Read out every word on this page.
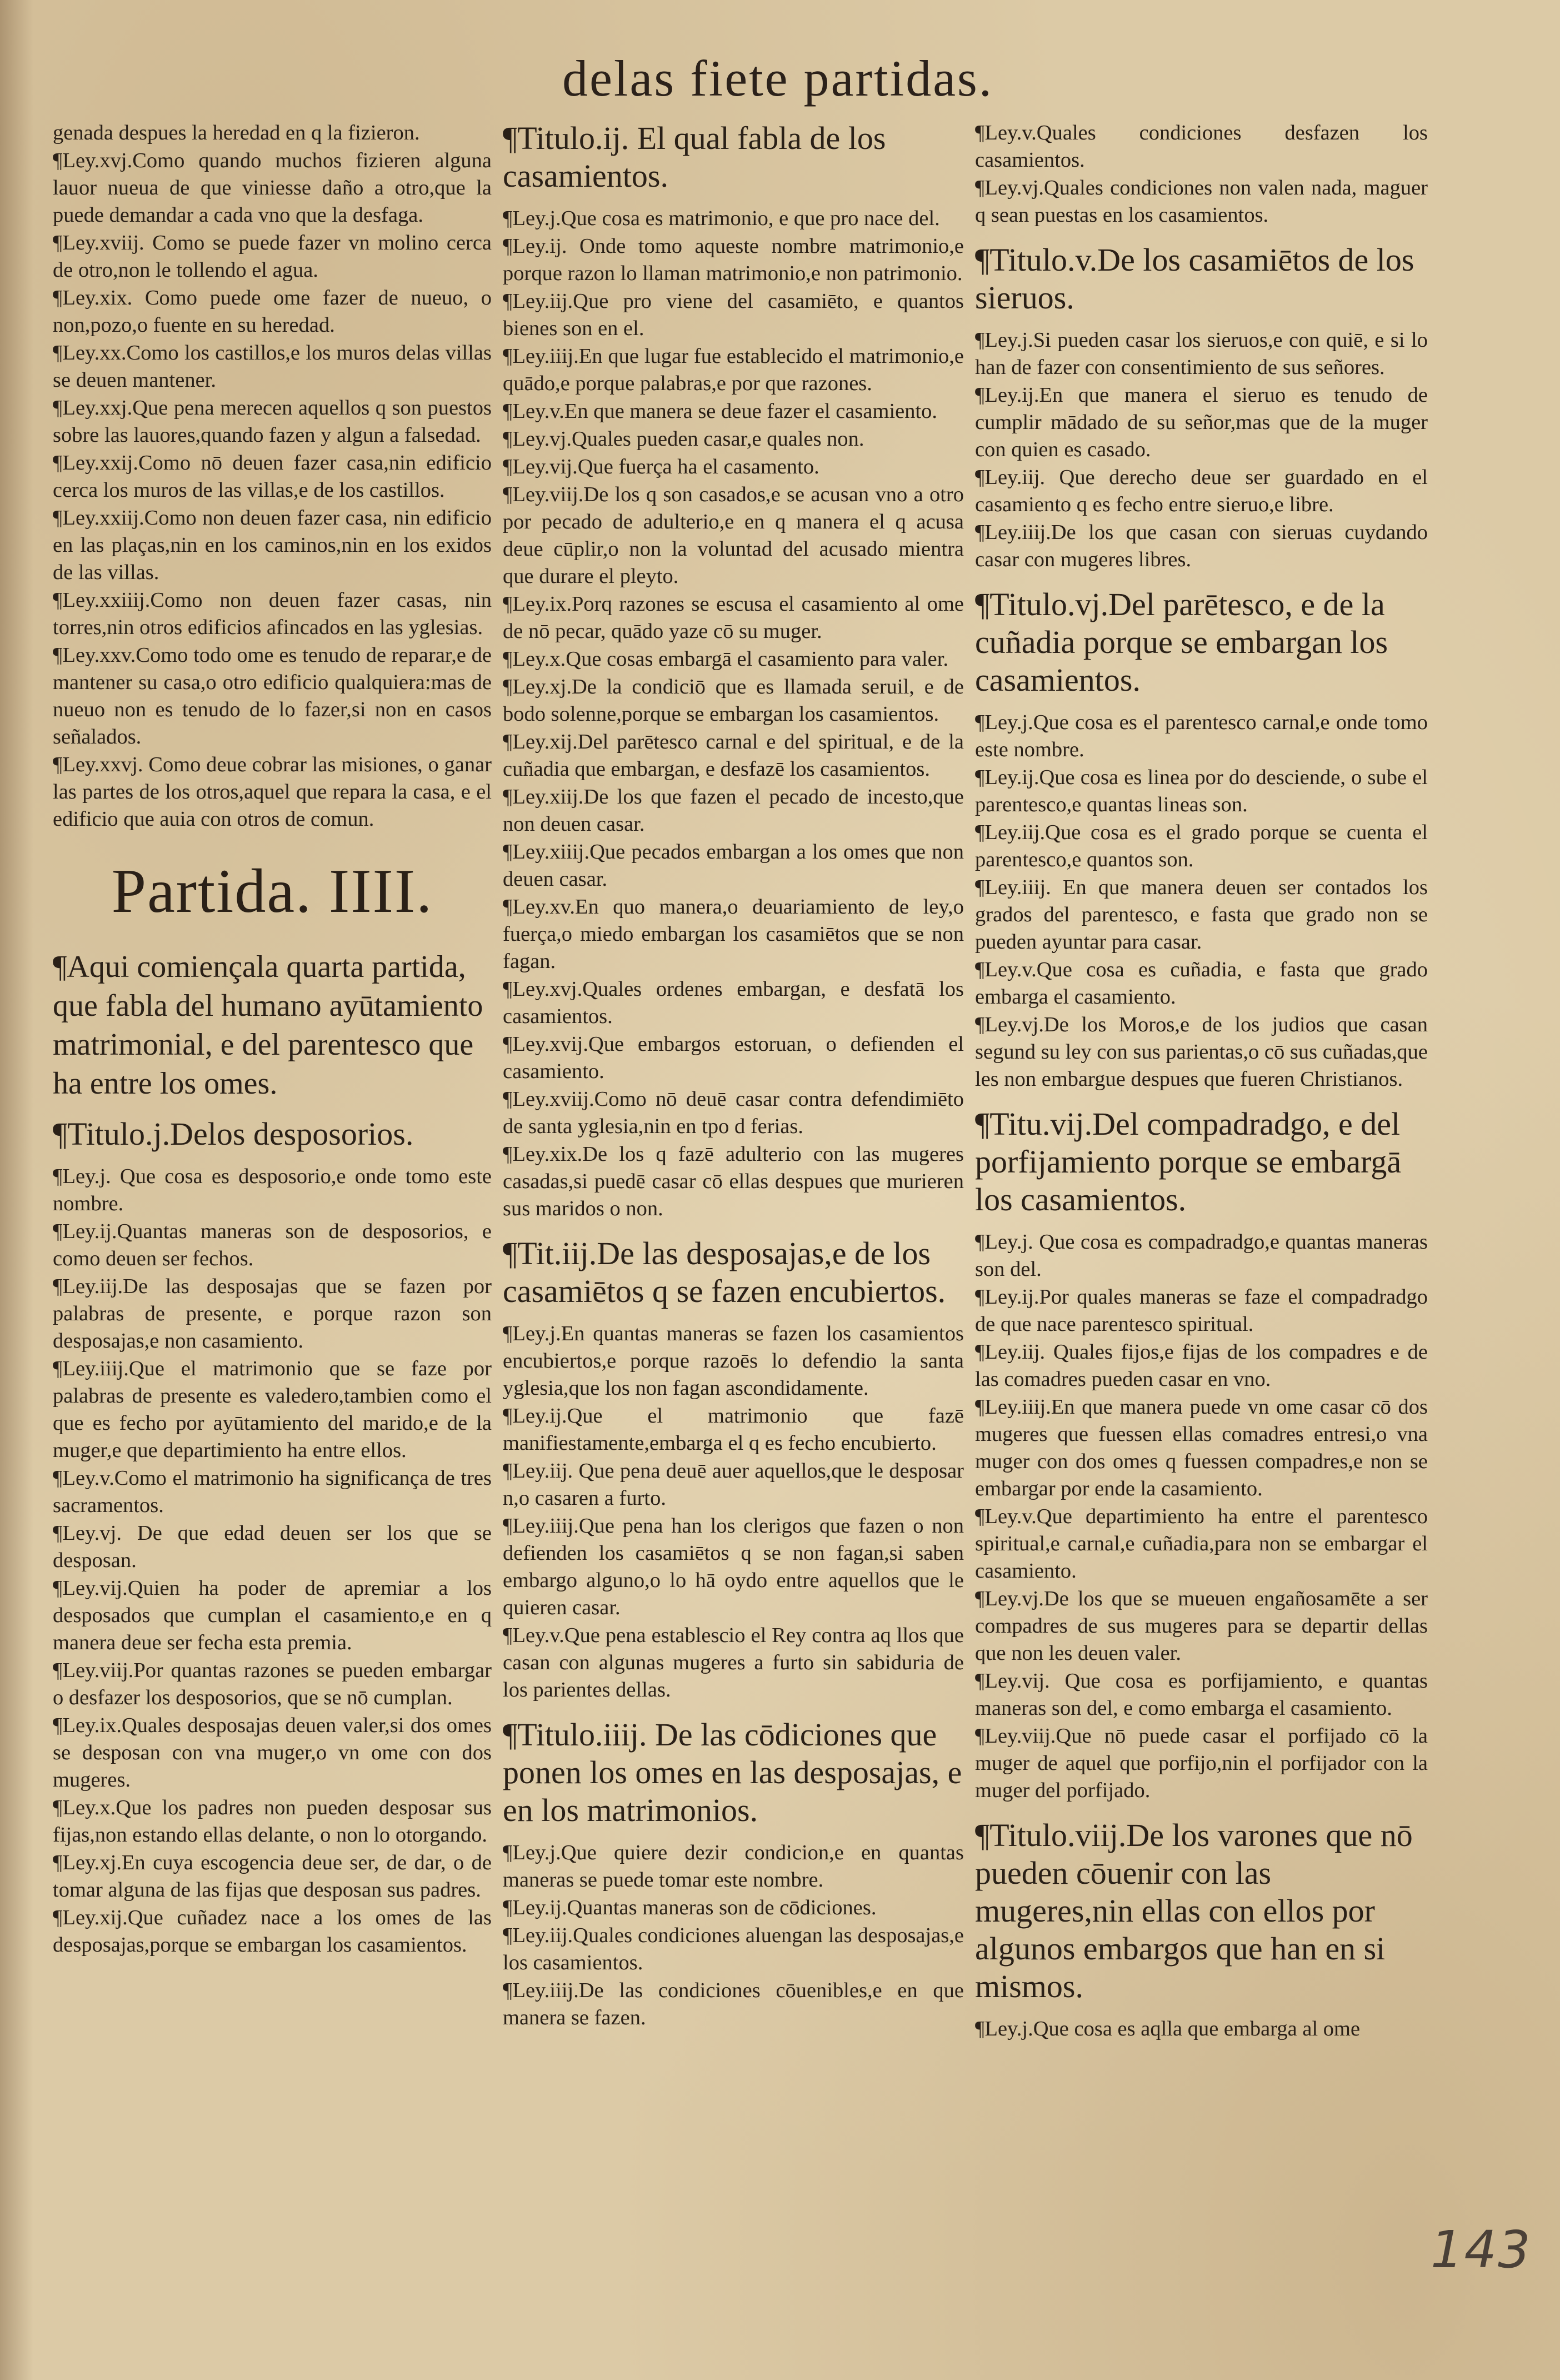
delas fiete partidas.
genada despues la heredad en q la fizieron.
¶Ley.xvj.Como quando muchos fizieren alguna lauor nueua de que viniesse daño a otro,que la puede demandar a cada vno que la desfaga.
¶Ley.xviij. Como se puede fazer vn molino cerca de otro,non le tollendo el agua.
¶Ley.xix. Como puede ome fazer de nueuo, o non,pozo,o fuente en su heredad.
¶Ley.xx.Como los castillos,e los muros delas villas se deuen mantener.
¶Ley.xxj.Que pena merecen aquellos q son puestos sobre las lauores,quando fazen y algun a falsedad.
¶Ley.xxij.Como nō deuen fazer casa,nin edificio cerca los muros de las villas,e de los castillos.
¶Ley.xxiij.Como non deuen fazer casa, nin edificio en las plaças,nin en los caminos,nin en los exidos de las villas.
¶Ley.xxiiij.Como non deuen fazer casas, nin torres,nin otros edificios afincados en las yglesias.
¶Ley.xxv.Como todo ome es tenudo de reparar,e de mantener su casa,o otro edificio qualquiera:mas de nueuo non es tenudo de lo fazer,si non en casos señalados.
¶Ley.xxvj. Como deue cobrar las misiones, o ganar las partes de los otros,aquel que repara la casa, e el edificio que auia con otros de comun.
Partida. IIII.
¶Aqui comiençala quarta partida, que fabla del humano ayūtamiento matrimonial, e del parentesco que ha entre los omes.
¶Titulo.j.Delos desposorios.
¶Ley.j. Que cosa es desposorio,e onde tomo este nombre.
¶Ley.ij.Quantas maneras son de desposorios, e como deuen ser fechos.
¶Ley.iij.De las desposajas que se fazen por palabras de presente, e porque razon son desposajas,e non casamiento.
¶Ley.iiij.Que el matrimonio que se faze por palabras de presente es valedero,tambien como el que es fecho por ayūtamiento del marido,e de la muger,e que departimiento ha entre ellos.
¶Ley.v.Como el matrimonio ha significança de tres sacramentos.
¶Ley.vj. De que edad deuen ser los que se desposan.
¶Ley.vij.Quien ha poder de apremiar a los desposados que cumplan el casamiento,e en q manera deue ser fecha esta premia.
¶Ley.viij.Por quantas razones se pueden embargar o desfazer los desposorios, que se nō cumplan.
¶Ley.ix.Quales desposajas deuen valer,si dos omes se desposan con vna muger,o vn ome con dos mugeres.
¶Ley.x.Que los padres non pueden desposar sus fijas,non estando ellas delante, o non lo otorgando.
¶Ley.xj.En cuya escogencia deue ser, de dar, o de tomar alguna de las fijas que desposan sus padres.
¶Ley.xij.Que cuñadez nace a los omes de las desposajas,porque se embargan los casamientos.
¶Titulo.ij. El qual fabla de los casamientos.
¶Ley.j.Que cosa es matrimonio, e que pro nace del.
¶Ley.ij. Onde tomo aqueste nombre matrimonio,e porque razon lo llaman matrimonio,e non patrimonio.
¶Ley.iij.Que pro viene del casamiēto, e quantos bienes son en el.
¶Ley.iiij.En que lugar fue establecido el matrimonio,e quādo,e porque palabras,e por que razones.
¶Ley.v.En que manera se deue fazer el casamiento.
¶Ley.vj.Quales pueden casar,e quales non.
¶Ley.vij.Que fuerça ha el casamento.
¶Ley.viij.De los q son casados,e se acusan vno a otro por pecado de adulterio,e en q manera el q acusa deue cūplir,o non la voluntad del acusado mientra que durare el pleyto.
¶Ley.ix.Porq razones se escusa el casamiento al ome de nō pecar, quādo yaze cō su muger.
¶Ley.x.Que cosas embargā el casamiento para valer.
¶Ley.xj.De la condiciō que es llamada seruil, e de bodo solenne,porque se embargan los casamientos.
¶Ley.xij.Del parētesco carnal e del spiritual, e de la cuñadia que embargan, e desfazē los casamientos.
¶Ley.xiij.De los que fazen el pecado de incesto,que non deuen casar.
¶Ley.xiiij.Que pecados embargan a los omes que non deuen casar.
¶Ley.xv.En quo manera,o deuariamiento de ley,o fuerça,o miedo embargan los casamiētos que se non fagan.
¶Ley.xvj.Quales ordenes embargan, e desfatā los casamientos.
¶Ley.xvij.Que embargos estoruan, o defienden el casamiento.
¶Ley.xviij.Como nō deuē casar contra defendimiēto de santa yglesia,nin en tpo d ferias.
¶Ley.xix.De los q fazē adulterio con las mugeres casadas,si puedē casar cō ellas despues que murieren sus maridos o non.
¶Tit.iij.De las desposajas,e de los casamiētos q se fazen encubiertos.
¶Ley.j.En quantas maneras se fazen los casamientos encubiertos,e porque razoēs lo defendio la santa yglesia,que los non fagan ascondidamente.
¶Ley.ij.Que el matrimonio que fazē manifiestamente,embarga el q es fecho encubierto.
¶Ley.iij. Que pena deuē auer aquellos,que le desposar n,o casaren a furto.
¶Ley.iiij.Que pena han los clerigos que fazen o non defienden los casamiētos q se non fagan,si saben embargo alguno,o lo hā oydo entre aquellos que le quieren casar.
¶Ley.v.Que pena establescio el Rey contra aq llos que casan con algunas mugeres a furto sin sabiduria de los parientes dellas.
¶Titulo.iiij. De las cōdiciones que ponen los omes en las desposajas, e en los matrimonios.
¶Ley.j.Que quiere dezir condicion,e en quantas maneras se puede tomar este nombre.
¶Ley.ij.Quantas maneras son de cōdiciones.
¶Ley.iij.Quales condiciones aluengan las desposajas,e los casamientos.
¶Ley.iiij.De las condiciones cōuenibles,e en que manera se fazen.
¶Ley.v.Quales condiciones desfazen los casamientos.
¶Ley.vj.Quales condiciones non valen nada, maguer q sean puestas en los casamientos.
¶Titulo.v.De los casamiētos de los sieruos.
¶Ley.j.Si pueden casar los sieruos,e con quiē, e si lo han de fazer con consentimiento de sus señores.
¶Ley.ij.En que manera el sieruo es tenudo de cumplir mādado de su señor,mas que de la muger con quien es casado.
¶Ley.iij. Que derecho deue ser guardado en el casamiento q es fecho entre sieruo,e libre.
¶Ley.iiij.De los que casan con sieruas cuydando casar con mugeres libres.
¶Titulo.vj.Del parētesco, e de la cuñadia porque se embargan los casamientos.
¶Ley.j.Que cosa es el parentesco carnal,e onde tomo este nombre.
¶Ley.ij.Que cosa es linea por do desciende, o sube el parentesco,e quantas lineas son.
¶Ley.iij.Que cosa es el grado porque se cuenta el parentesco,e quantos son.
¶Ley.iiij. En que manera deuen ser contados los grados del parentesco, e fasta que grado non se pueden ayuntar para casar.
¶Ley.v.Que cosa es cuñadia, e fasta que grado embarga el casamiento.
¶Ley.vj.De los Moros,e de los judios que casan segund su ley con sus parientas,o cō sus cuñadas,que les non embargue despues que fueren Christianos.
¶Titu.vij.Del compadradgo, e del porfijamiento porque se embargā los casamientos.
¶Ley.j. Que cosa es compadradgo,e quantas maneras son del.
¶Ley.ij.Por quales maneras se faze el compadradgo de que nace parentesco spiritual.
¶Ley.iij. Quales fijos,e fijas de los compadres e de las comadres pueden casar en vno.
¶Ley.iiij.En que manera puede vn ome casar cō dos mugeres que fuessen ellas comadres entresi,o vna muger con dos omes q fuessen compadres,e non se embargar por ende la casamiento.
¶Ley.v.Que departimiento ha entre el parentesco spiritual,e carnal,e cuñadia,para non se embargar el casamiento.
¶Ley.vj.De los que se mueuen engañosamēte a ser compadres de sus mugeres para se departir dellas que non les deuen valer.
¶Ley.vij. Que cosa es porfijamiento, e quantas maneras son del, e como embarga el casamiento.
¶Ley.viij.Que nō puede casar el porfijado cō la muger de aquel que porfijo,nin el porfijador con la muger del porfijado.
¶Titulo.viij.De los varones que nō pueden cōuenir con las mugeres,nin ellas con ellos por algunos embargos que han en si mismos.
¶Ley.j.Que cosa es aqlla que embarga al ome
143
